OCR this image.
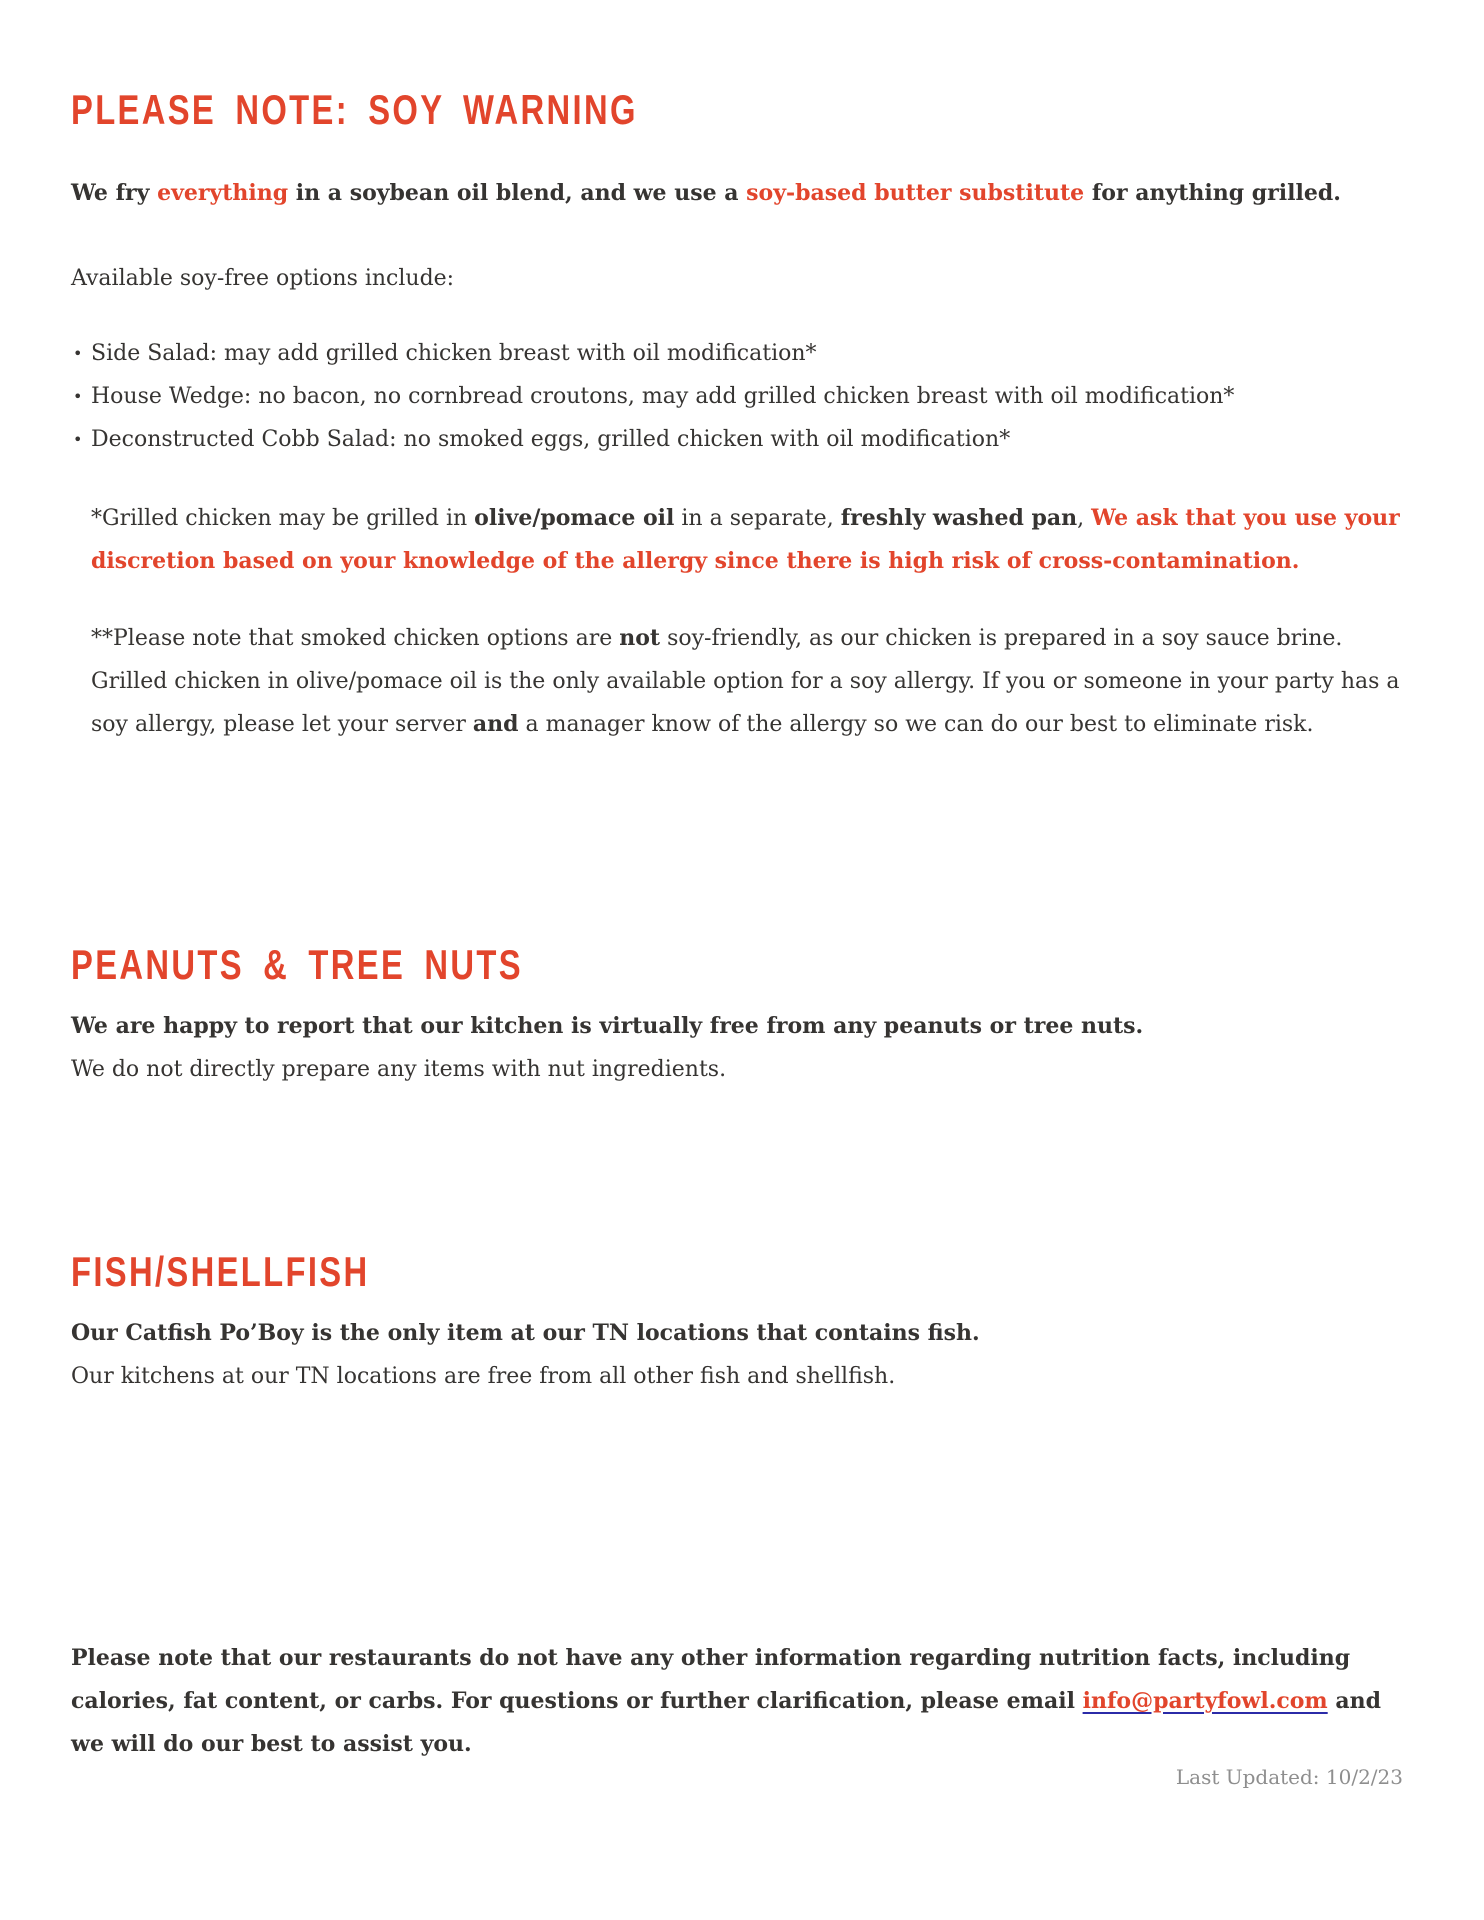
PLEASE NOTE: SOY WARNING

We fry everything in a soybean oil blend, and we use a soy-based butter substitute for anything grilled.

Available soy-free options include:

• Side Salad: may add grilled chicken breast with oil modification*
• House Wedge: no bacon, no cornbread croutons, may add grilled chicken breast with oil modification*
• Deconstructed Cobb Salad: no smoked eggs, grilled chicken with oil modification*

*Grilled chicken may be grilled in olive/pomace oil in a separate, freshly washed pan, We ask that you use your discretion based on your knowledge of the allergy since there is high risk of cross-contamination.

**Please note that smoked chicken options are not soy-friendly, as our chicken is prepared in a soy sauce brine. Grilled chicken in olive/pomace oil is the only available option for a soy allergy. If you or someone in your party has a soy allergy, please let your server and a manager know of the allergy so we can do our best to eliminate risk.

PEANUTS & TREE NUTS

We are happy to report that our kitchen is virtually free from any peanuts or tree nuts.

We do not directly prepare any items with nut ingredients.

FISH/SHELLFISH

Our Catfish Po’Boy is the only item at our TN locations that contains fish.

Our kitchens at our TN locations are free from all other fish and shellfish.

Please note that our restaurants do not have any other information regarding nutrition facts, including calories, fat content, or carbs. For questions or further clarification, please email info@partyfowl.com and we will do our best to assist you.

Last Updated: 10/2/23
